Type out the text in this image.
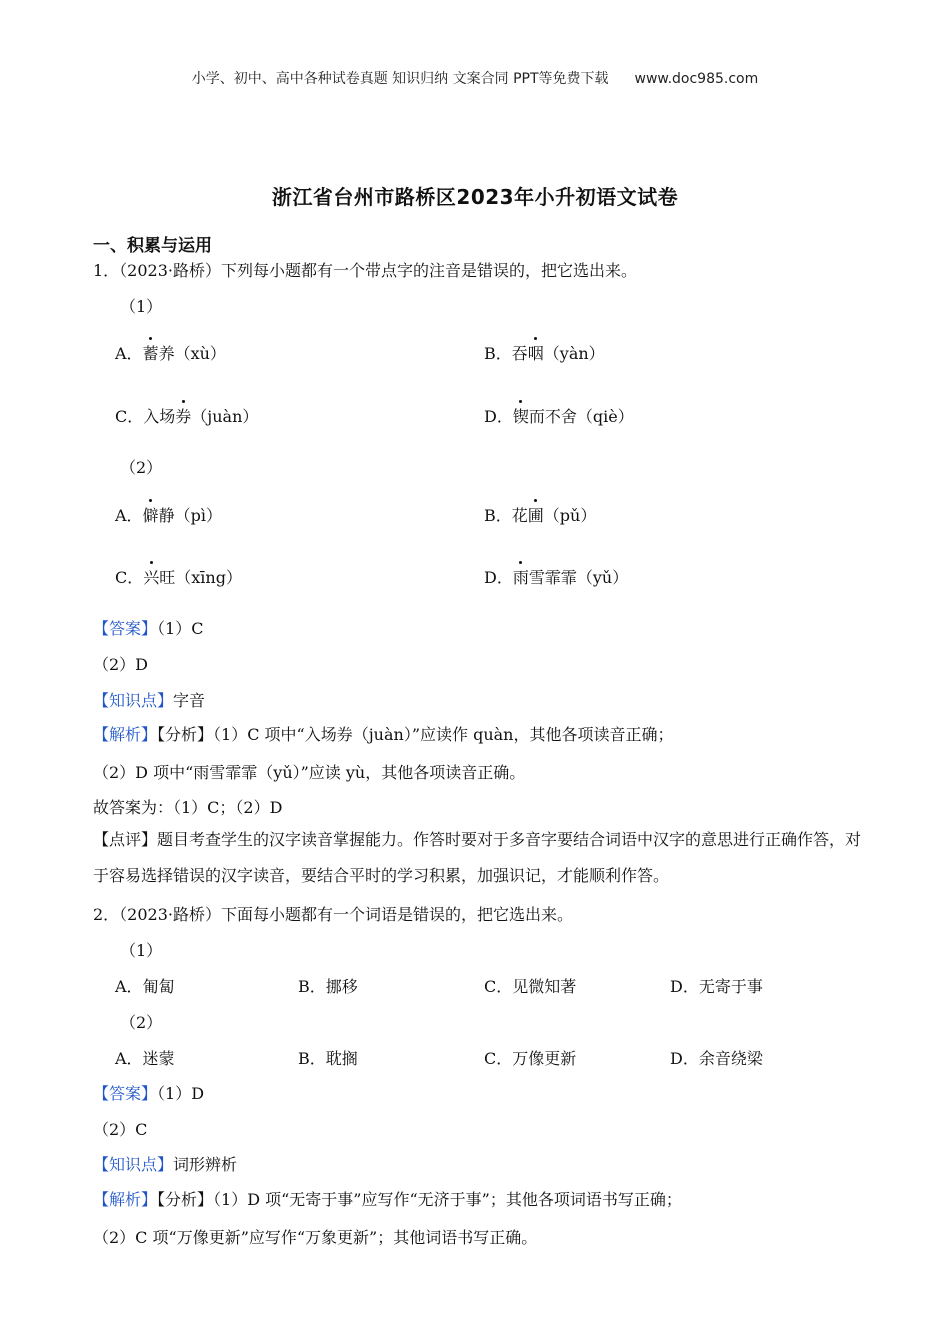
小学、初中、高中各种试卷真题 知识归纳 文案合同 PPT等免费下载 www.doc985.com
浙江省台州市路桥区2023年小升初语文试卷
一、积累与运用
1．（2023·路桥）下列每小题都有一个带点字的注音是错误的，把它选出来。
（1）
A．蓄养（xù）	B．吞咽（yàn）
C．入场券（juàn）	D．锲而不舍（qiè）
（2）
A．僻静（pì）	B．花圃（pǔ）
C．兴旺（xīng）	D．雨雪霏霏（yǔ）
【答案】（1）C
（2）D
【知识点】字音
【解析】【分析】（1）C 项中“入场券（juàn）”应读作 quàn，其他各项读音正确；
（2）D 项中“雨雪霏霏（yǔ）”应读 yù，其他各项读音正确。
故答案为：（1）C；（2）D
【点评】题目考查学生的汉字读音掌握能力。作答时要对于多音字要结合词语中汉字的意思进行正确作答，对于容易选择错误的汉字读音，要结合平时的学习积累，加强识记，才能顺利作答。
2．（2023·路桥）下面每小题都有一个词语是错误的，把它选出来。
（1）
A．匍匐	B．挪移	C．见微知著	D．无寄于事
（2）
A．迷蒙	B．耽搁	C．万像更新	D．余音绕梁
【答案】（1）D
（2）C
【知识点】词形辨析
【解析】【分析】（1）D 项“无寄于事”应写作“无济于事”；其他各项词语书写正确；
（2）C 项“万像更新”应写作“万象更新”；其他词语书写正确。
